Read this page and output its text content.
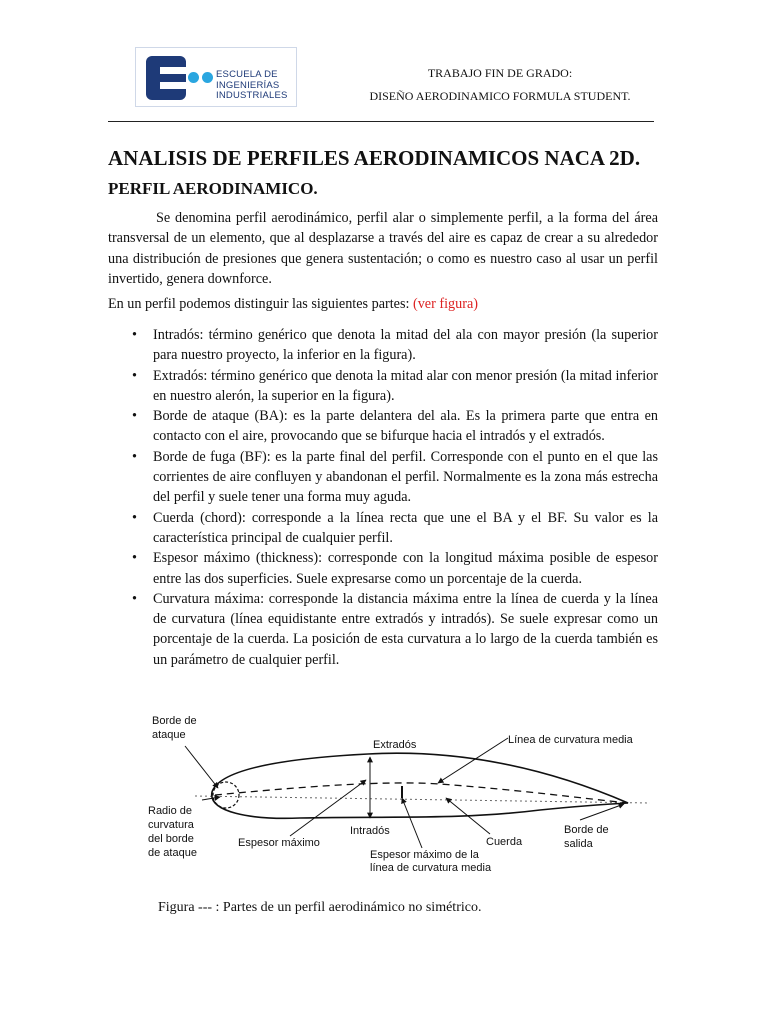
ESCUELA DE
INGENIERÍAS
INDUSTRIALES
TRABAJO FIN DE GRADO:
DISEÑO AERODINAMICO FORMULA STUDENT.
ANALISIS DE PERFILES AERODINAMICOS NACA 2D.
PERFIL AERODINAMICO.
Se denomina perfil aerodinámico, perfil alar o simplemente perfil, a la forma del área transversal de un elemento, que al desplazarse a través del aire es capaz de crear a su alrededor una distribución de presiones que genera sustentación; o como es nuestro caso al usar un perfil invertido, genera downforce.
En un perfil podemos distinguir las siguientes partes: (ver figura)
• Intradós: término genérico que denota la mitad del ala con mayor presión (la superior para nuestro proyecto, la inferior en la figura).
• Extradós: término genérico que denota la mitad alar con menor presión (la mitad inferior en nuestro alerón, la superior en la figura).
• Borde de ataque (BA): es la parte delantera del ala. Es la primera parte que entra en contacto con el aire, provocando que se bifurque hacia el intradós y el extradós.
• Borde de fuga (BF): es la parte final del perfil. Corresponde con el punto en el que las corrientes de aire confluyen y abandonan el perfil. Normalmente es la zona más estrecha del perfil y suele tener una forma muy aguda.
• Cuerda (chord): corresponde a la línea recta que une el BA y el BF. Su valor es la característica principal de cualquier perfil.
• Espesor máximo (thickness): corresponde con la longitud máxima posible de espesor entre las dos superficies. Suele expresarse como un porcentaje de la cuerda.
• Curvatura máxima: corresponde la distancia máxima entre la línea de cuerda y la línea de curvatura (línea equidistante entre extradós y intradós). Se suele expresar como un porcentaje de la cuerda. La posición de esta curvatura a lo largo de la cuerda también es un parámetro de cualquier perfil.
Borde de
ataque
Extradós	Línea de curvatura media
Radio de
curvatura
del borde
de ataque
Intradós
Espesor máximo
Espesor máximo de la
línea de curvatura media
Cuerda
Borde de
salida
Figura --- : Partes de un perfil aerodinámico no simétrico.
